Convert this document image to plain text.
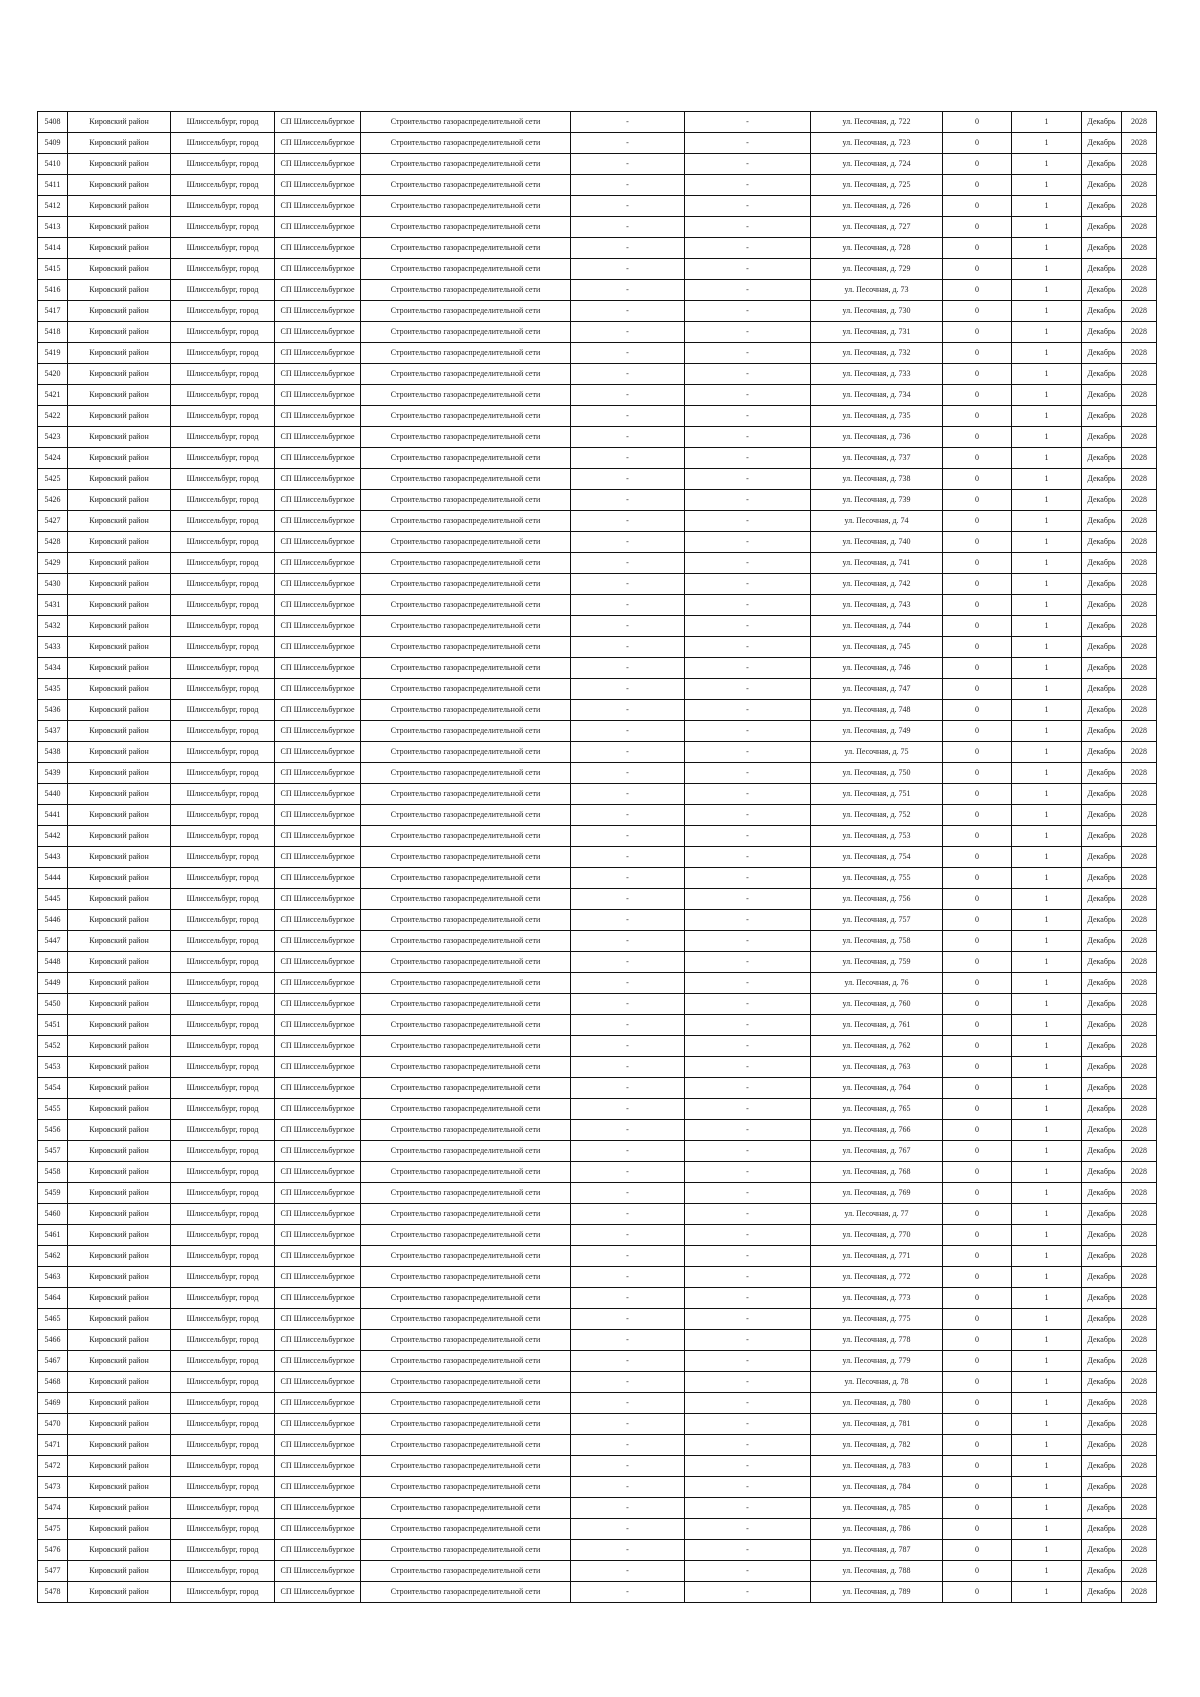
5408	Кировский район	Шлиссельбург, город	СП Шлиссельбургкое	Строительство газораспределительной сети	-	-	ул. Песочная, д. 722	0	1	Декабрь	2028
5409	Кировский район	Шлиссельбург, город	СП Шлиссельбургкое	Строительство газораспределительной сети	-	-	ул. Песочная, д. 723	0	1	Декабрь	2028
5410	Кировский район	Шлиссельбург, город	СП Шлиссельбургкое	Строительство газораспределительной сети	-	-	ул. Песочная, д. 724	0	1	Декабрь	2028
5411	Кировский район	Шлиссельбург, город	СП Шлиссельбургкое	Строительство газораспределительной сети	-	-	ул. Песочная, д. 725	0	1	Декабрь	2028
5412	Кировский район	Шлиссельбург, город	СП Шлиссельбургкое	Строительство газораспределительной сети	-	-	ул. Песочная, д. 726	0	1	Декабрь	2028
5413	Кировский район	Шлиссельбург, город	СП Шлиссельбургкое	Строительство газораспределительной сети	-	-	ул. Песочная, д. 727	0	1	Декабрь	2028
5414	Кировский район	Шлиссельбург, город	СП Шлиссельбургкое	Строительство газораспределительной сети	-	-	ул. Песочная, д. 728	0	1	Декабрь	2028
5415	Кировский район	Шлиссельбург, город	СП Шлиссельбургкое	Строительство газораспределительной сети	-	-	ул. Песочная, д. 729	0	1	Декабрь	2028
5416	Кировский район	Шлиссельбург, город	СП Шлиссельбургкое	Строительство газораспределительной сети	-	-	ул. Песочная, д. 73	0	1	Декабрь	2028
5417	Кировский район	Шлиссельбург, город	СП Шлиссельбургкое	Строительство газораспределительной сети	-	-	ул. Песочная, д. 730	0	1	Декабрь	2028
5418	Кировский район	Шлиссельбург, город	СП Шлиссельбургкое	Строительство газораспределительной сети	-	-	ул. Песочная, д. 731	0	1	Декабрь	2028
5419	Кировский район	Шлиссельбург, город	СП Шлиссельбургкое	Строительство газораспределительной сети	-	-	ул. Песочная, д. 732	0	1	Декабрь	2028
5420	Кировский район	Шлиссельбург, город	СП Шлиссельбургкое	Строительство газораспределительной сети	-	-	ул. Песочная, д. 733	0	1	Декабрь	2028
5421	Кировский район	Шлиссельбург, город	СП Шлиссельбургкое	Строительство газораспределительной сети	-	-	ул. Песочная, д. 734	0	1	Декабрь	2028
5422	Кировский район	Шлиссельбург, город	СП Шлиссельбургкое	Строительство газораспределительной сети	-	-	ул. Песочная, д. 735	0	1	Декабрь	2028
5423	Кировский район	Шлиссельбург, город	СП Шлиссельбургкое	Строительство газораспределительной сети	-	-	ул. Песочная, д. 736	0	1	Декабрь	2028
5424	Кировский район	Шлиссельбург, город	СП Шлиссельбургкое	Строительство газораспределительной сети	-	-	ул. Песочная, д. 737	0	1	Декабрь	2028
5425	Кировский район	Шлиссельбург, город	СП Шлиссельбургкое	Строительство газораспределительной сети	-	-	ул. Песочная, д. 738	0	1	Декабрь	2028
5426	Кировский район	Шлиссельбург, город	СП Шлиссельбургкое	Строительство газораспределительной сети	-	-	ул. Песочная, д. 739	0	1	Декабрь	2028
5427	Кировский район	Шлиссельбург, город	СП Шлиссельбургкое	Строительство газораспределительной сети	-	-	ул. Песочная, д. 74	0	1	Декабрь	2028
5428	Кировский район	Шлиссельбург, город	СП Шлиссельбургкое	Строительство газораспределительной сети	-	-	ул. Песочная, д. 740	0	1	Декабрь	2028
5429	Кировский район	Шлиссельбург, город	СП Шлиссельбургкое	Строительство газораспределительной сети	-	-	ул. Песочная, д. 741	0	1	Декабрь	2028
5430	Кировский район	Шлиссельбург, город	СП Шлиссельбургкое	Строительство газораспределительной сети	-	-	ул. Песочная, д. 742	0	1	Декабрь	2028
5431	Кировский район	Шлиссельбург, город	СП Шлиссельбургкое	Строительство газораспределительной сети	-	-	ул. Песочная, д. 743	0	1	Декабрь	2028
5432	Кировский район	Шлиссельбург, город	СП Шлиссельбургкое	Строительство газораспределительной сети	-	-	ул. Песочная, д. 744	0	1	Декабрь	2028
5433	Кировский район	Шлиссельбург, город	СП Шлиссельбургкое	Строительство газораспределительной сети	-	-	ул. Песочная, д. 745	0	1	Декабрь	2028
5434	Кировский район	Шлиссельбург, город	СП Шлиссельбургкое	Строительство газораспределительной сети	-	-	ул. Песочная, д. 746	0	1	Декабрь	2028
5435	Кировский район	Шлиссельбург, город	СП Шлиссельбургкое	Строительство газораспределительной сети	-	-	ул. Песочная, д. 747	0	1	Декабрь	2028
5436	Кировский район	Шлиссельбург, город	СП Шлиссельбургкое	Строительство газораспределительной сети	-	-	ул. Песочная, д. 748	0	1	Декабрь	2028
5437	Кировский район	Шлиссельбург, город	СП Шлиссельбургкое	Строительство газораспределительной сети	-	-	ул. Песочная, д. 749	0	1	Декабрь	2028
5438	Кировский район	Шлиссельбург, город	СП Шлиссельбургкое	Строительство газораспределительной сети	-	-	ул. Песочная, д. 75	0	1	Декабрь	2028
5439	Кировский район	Шлиссельбург, город	СП Шлиссельбургкое	Строительство газораспределительной сети	-	-	ул. Песочная, д. 750	0	1	Декабрь	2028
5440	Кировский район	Шлиссельбург, город	СП Шлиссельбургкое	Строительство газораспределительной сети	-	-	ул. Песочная, д. 751	0	1	Декабрь	2028
5441	Кировский район	Шлиссельбург, город	СП Шлиссельбургкое	Строительство газораспределительной сети	-	-	ул. Песочная, д. 752	0	1	Декабрь	2028
5442	Кировский район	Шлиссельбург, город	СП Шлиссельбургкое	Строительство газораспределительной сети	-	-	ул. Песочная, д. 753	0	1	Декабрь	2028
5443	Кировский район	Шлиссельбург, город	СП Шлиссельбургкое	Строительство газораспределительной сети	-	-	ул. Песочная, д. 754	0	1	Декабрь	2028
5444	Кировский район	Шлиссельбург, город	СП Шлиссельбургкое	Строительство газораспределительной сети	-	-	ул. Песочная, д. 755	0	1	Декабрь	2028
5445	Кировский район	Шлиссельбург, город	СП Шлиссельбургкое	Строительство газораспределительной сети	-	-	ул. Песочная, д. 756	0	1	Декабрь	2028
5446	Кировский район	Шлиссельбург, город	СП Шлиссельбургкое	Строительство газораспределительной сети	-	-	ул. Песочная, д. 757	0	1	Декабрь	2028
5447	Кировский район	Шлиссельбург, город	СП Шлиссельбургкое	Строительство газораспределительной сети	-	-	ул. Песочная, д. 758	0	1	Декабрь	2028
5448	Кировский район	Шлиссельбург, город	СП Шлиссельбургкое	Строительство газораспределительной сети	-	-	ул. Песочная, д. 759	0	1	Декабрь	2028
5449	Кировский район	Шлиссельбург, город	СП Шлиссельбургкое	Строительство газораспределительной сети	-	-	ул. Песочная, д. 76	0	1	Декабрь	2028
5450	Кировский район	Шлиссельбург, город	СП Шлиссельбургкое	Строительство газораспределительной сети	-	-	ул. Песочная, д. 760	0	1	Декабрь	2028
5451	Кировский район	Шлиссельбург, город	СП Шлиссельбургкое	Строительство газораспределительной сети	-	-	ул. Песочная, д. 761	0	1	Декабрь	2028
5452	Кировский район	Шлиссельбург, город	СП Шлиссельбургкое	Строительство газораспределительной сети	-	-	ул. Песочная, д. 762	0	1	Декабрь	2028
5453	Кировский район	Шлиссельбург, город	СП Шлиссельбургкое	Строительство газораспределительной сети	-	-	ул. Песочная, д. 763	0	1	Декабрь	2028
5454	Кировский район	Шлиссельбург, город	СП Шлиссельбургкое	Строительство газораспределительной сети	-	-	ул. Песочная, д. 764	0	1	Декабрь	2028
5455	Кировский район	Шлиссельбург, город	СП Шлиссельбургкое	Строительство газораспределительной сети	-	-	ул. Песочная, д. 765	0	1	Декабрь	2028
5456	Кировский район	Шлиссельбург, город	СП Шлиссельбургкое	Строительство газораспределительной сети	-	-	ул. Песочная, д. 766	0	1	Декабрь	2028
5457	Кировский район	Шлиссельбург, город	СП Шлиссельбургкое	Строительство газораспределительной сети	-	-	ул. Песочная, д. 767	0	1	Декабрь	2028
5458	Кировский район	Шлиссельбург, город	СП Шлиссельбургкое	Строительство газораспределительной сети	-	-	ул. Песочная, д. 768	0	1	Декабрь	2028
5459	Кировский район	Шлиссельбург, город	СП Шлиссельбургкое	Строительство газораспределительной сети	-	-	ул. Песочная, д. 769	0	1	Декабрь	2028
5460	Кировский район	Шлиссельбург, город	СП Шлиссельбургкое	Строительство газораспределительной сети	-	-	ул. Песочная, д. 77	0	1	Декабрь	2028
5461	Кировский район	Шлиссельбург, город	СП Шлиссельбургкое	Строительство газораспределительной сети	-	-	ул. Песочная, д. 770	0	1	Декабрь	2028
5462	Кировский район	Шлиссельбург, город	СП Шлиссельбургкое	Строительство газораспределительной сети	-	-	ул. Песочная, д. 771	0	1	Декабрь	2028
5463	Кировский район	Шлиссельбург, город	СП Шлиссельбургкое	Строительство газораспределительной сети	-	-	ул. Песочная, д. 772	0	1	Декабрь	2028
5464	Кировский район	Шлиссельбург, город	СП Шлиссельбургкое	Строительство газораспределительной сети	-	-	ул. Песочная, д. 773	0	1	Декабрь	2028
5465	Кировский район	Шлиссельбург, город	СП Шлиссельбургкое	Строительство газораспределительной сети	-	-	ул. Песочная, д. 775	0	1	Декабрь	2028
5466	Кировский район	Шлиссельбург, город	СП Шлиссельбургкое	Строительство газораспределительной сети	-	-	ул. Песочная, д. 778	0	1	Декабрь	2028
5467	Кировский район	Шлиссельбург, город	СП Шлиссельбургкое	Строительство газораспределительной сети	-	-	ул. Песочная, д. 779	0	1	Декабрь	2028
5468	Кировский район	Шлиссельбург, город	СП Шлиссельбургкое	Строительство газораспределительной сети	-	-	ул. Песочная, д. 78	0	1	Декабрь	2028
5469	Кировский район	Шлиссельбург, город	СП Шлиссельбургкое	Строительство газораспределительной сети	-	-	ул. Песочная, д. 780	0	1	Декабрь	2028
5470	Кировский район	Шлиссельбург, город	СП Шлиссельбургкое	Строительство газораспределительной сети	-	-	ул. Песочная, д. 781	0	1	Декабрь	2028
5471	Кировский район	Шлиссельбург, город	СП Шлиссельбургкое	Строительство газораспределительной сети	-	-	ул. Песочная, д. 782	0	1	Декабрь	2028
5472	Кировский район	Шлиссельбург, город	СП Шлиссельбургкое	Строительство газораспределительной сети	-	-	ул. Песочная, д. 783	0	1	Декабрь	2028
5473	Кировский район	Шлиссельбург, город	СП Шлиссельбургкое	Строительство газораспределительной сети	-	-	ул. Песочная, д. 784	0	1	Декабрь	2028
5474	Кировский район	Шлиссельбург, город	СП Шлиссельбургкое	Строительство газораспределительной сети	-	-	ул. Песочная, д. 785	0	1	Декабрь	2028
5475	Кировский район	Шлиссельбург, город	СП Шлиссельбургкое	Строительство газораспределительной сети	-	-	ул. Песочная, д. 786	0	1	Декабрь	2028
5476	Кировский район	Шлиссельбург, город	СП Шлиссельбургкое	Строительство газораспределительной сети	-	-	ул. Песочная, д. 787	0	1	Декабрь	2028
5477	Кировский район	Шлиссельбург, город	СП Шлиссельбургкое	Строительство газораспределительной сети	-	-	ул. Песочная, д. 788	0	1	Декабрь	2028
5478	Кировский район	Шлиссельбург, город	СП Шлиссельбургкое	Строительство газораспределительной сети	-	-	ул. Песочная, д. 789	0	1	Декабрь	2028
